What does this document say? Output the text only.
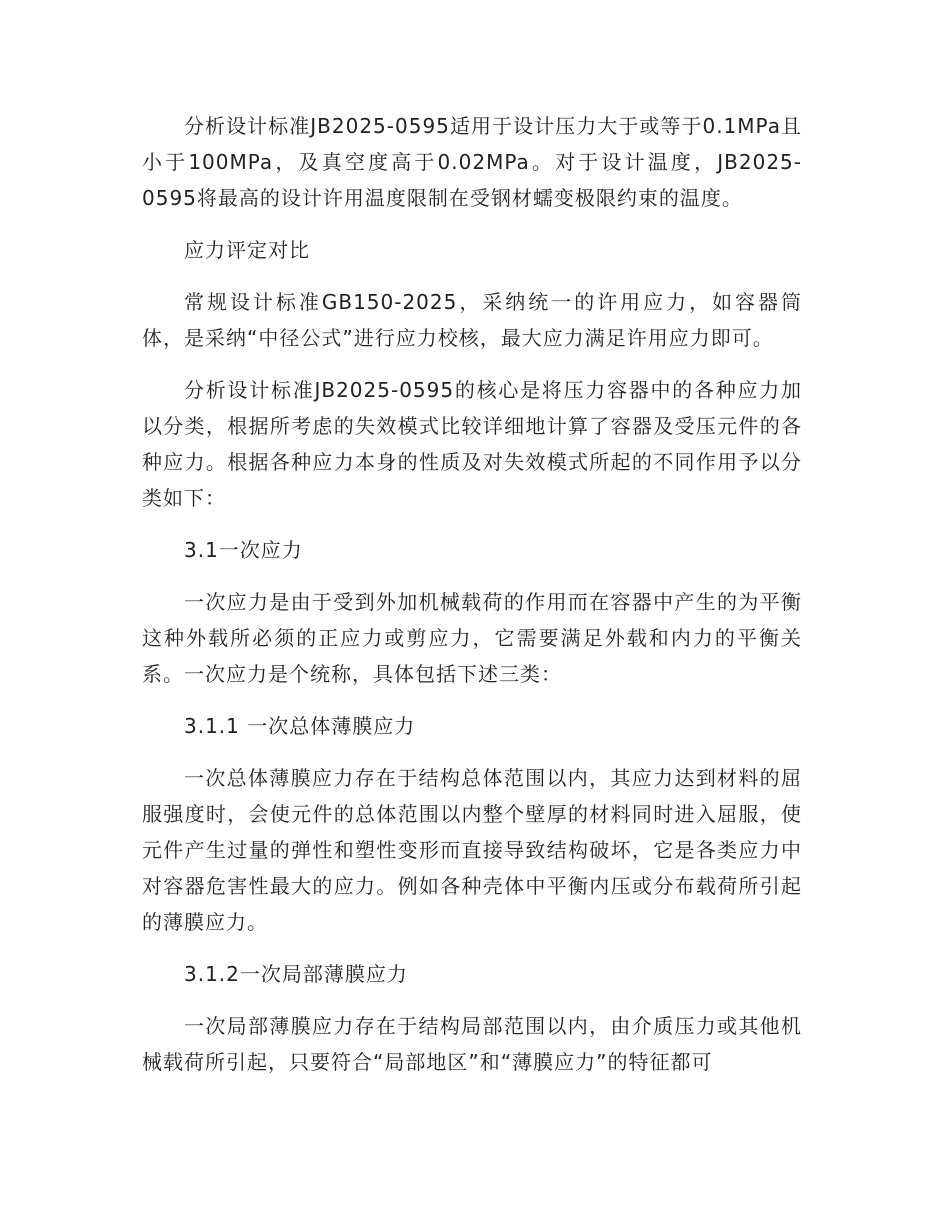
分析设计标准JB2025-0595适用于设计压力大于或等于0.1MPa且小于100MPa，及真空度高于0.02MPa。对于设计温度，JB2025-0595将最高的设计许用温度限制在受钢材蠕变极限约束的温度。

应力评定对比

常规设计标准GB150-2025，采纳统一的许用应力，如容器筒体，是采纳“中径公式”进行应力校核，最大应力满足许用应力即可。

分析设计标准JB2025-0595的核心是将压力容器中的各种应力加以分类，根据所考虑的失效模式比较详细地计算了容器及受压元件的各种应力。根据各种应力本身的性质及对失效模式所起的不同作用予以分类如下：

3.1一次应力

一次应力是由于受到外加机械载荷的作用而在容器中产生的为平衡这种外载所必须的正应力或剪应力，它需要满足外载和内力的平衡关系。一次应力是个统称，具体包括下述三类：

3.1.1 一次总体薄膜应力

一次总体薄膜应力存在于结构总体范围以内，其应力达到材料的屈服强度时，会使元件的总体范围以内整个壁厚的材料同时进入屈服，使元件产生过量的弹性和塑性变形而直接导致结构破坏，它是各类应力中对容器危害性最大的应力。例如各种壳体中平衡内压或分布载荷所引起的薄膜应力。

3.1.2一次局部薄膜应力

一次局部薄膜应力存在于结构局部范围以内，由介质压力或其他机械载荷所引起，只要符合“局部地区”和“薄膜应力”的特征都可
